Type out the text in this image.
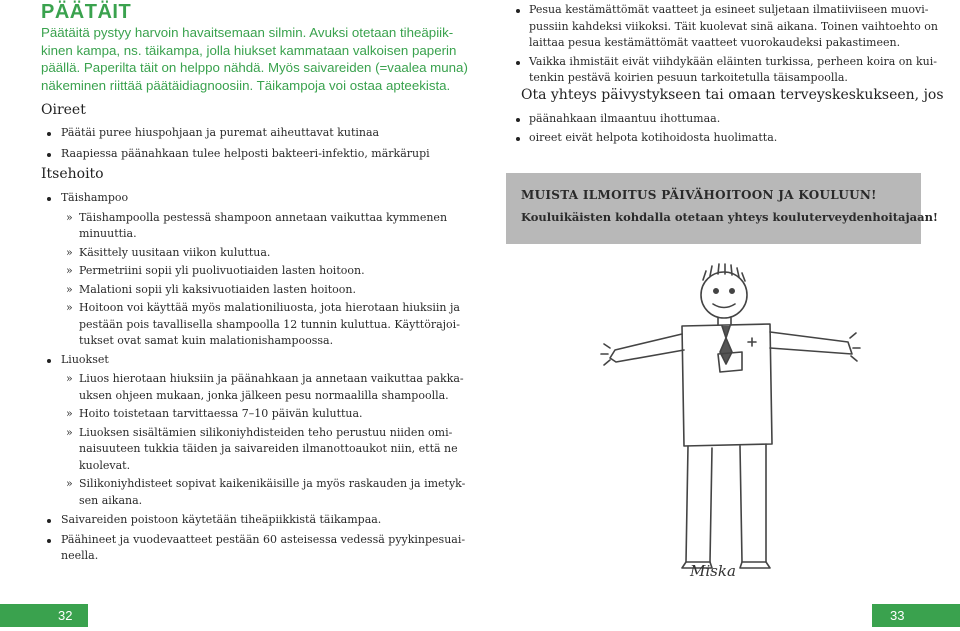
PÄÄTÄIT

Päätäitä pystyy harvoin havaitsemaan silmin. Avuksi otetaan tiheäpiik-
kinen kampa, ns. täikampa, jolla hiukset kammataan valkoisen paperin
päällä. Paperilta täit on helppo nähdä. Myös saivareiden (=vaalea muna)
näkeminen riittää päätäidiagnoosiin. Täikampoja voi ostaa apteekista.

Oireet
Päätäi puree hiuspohjaan ja puremat aiheuttavat kutinaa
Raapiessa päänahkaan tulee helposti bakteeri-infektio, märkärupi
Itsehoito
Täishampoo
» Täishampoolla pestessä shampoon annetaan vaikuttaa kymmenen
minuuttia.
» Käsittely uusitaan viikon kuluttua.
» Permetriini sopii yli puolivuotiaiden lasten hoitoon.
» Malationi sopii yli kaksivuotiaiden lasten hoitoon.
» Hoitoon voi käyttää myös malationiliuosta, jota hierotaan hiuksiin ja
pestään pois tavallisella shampoolla 12 tunnin kuluttua. Käyttörajoi-
tukset ovat samat kuin malationishampoossa.
Liuokset
» Liuos hierotaan hiuksiin ja päänahkaan ja annetaan vaikuttaa pakka-
uksen ohjeen mukaan, jonka jälkeen pesu normaalilla shampoolla.
» Hoito toistetaan tarvittaessa 7–10 päivän kuluttua.
» Liuoksen sisältämien silikoniyhdisteiden teho perustuu niiden omi-
naisuuteen tukkia täiden ja saivareiden ilmanottoaukot niin, että ne
kuolevat.
» Silikoniyhdisteet sopivat kaikenikäisille ja myös raskauden ja imetyk-
sen aikana.
Saivareiden poistoon käytetään tiheäpiikkistä täikampaa.
Päähineet ja vuodevaatteet pestään 60 asteisessa vedessä pyykinpesuai-
neella.
Pesua kestämättömät vaatteet ja esineet suljetaan ilmatiiviiseen muovi-
pussiin kahdeksi viikoksi. Täit kuolevat sinä aikana. Toinen vaihtoehto on
laittaa pesua kestämättömät vaatteet vuorokaudeksi pakastimeen.
Vaikka ihmistäit eivät viihdykään eläinten turkissa, perheen koira on kui-
tenkin pestävä koirien pesuun tarkoitetulla täisampoolla.
Ota yhteys päivystykseen tai omaan terveyskeskukseen, jos
päänahkaan ilmaantuu ihottumaa.
oireet eivät helpota kotihoidosta huolimatta.
MUISTA ILMOITUS PÄIVÄHOITOON JA KOULUUN!
Kouluikäisten kohdalla otetaan yhteys kouluterveydenhoitajaan!
Miska
32	33
